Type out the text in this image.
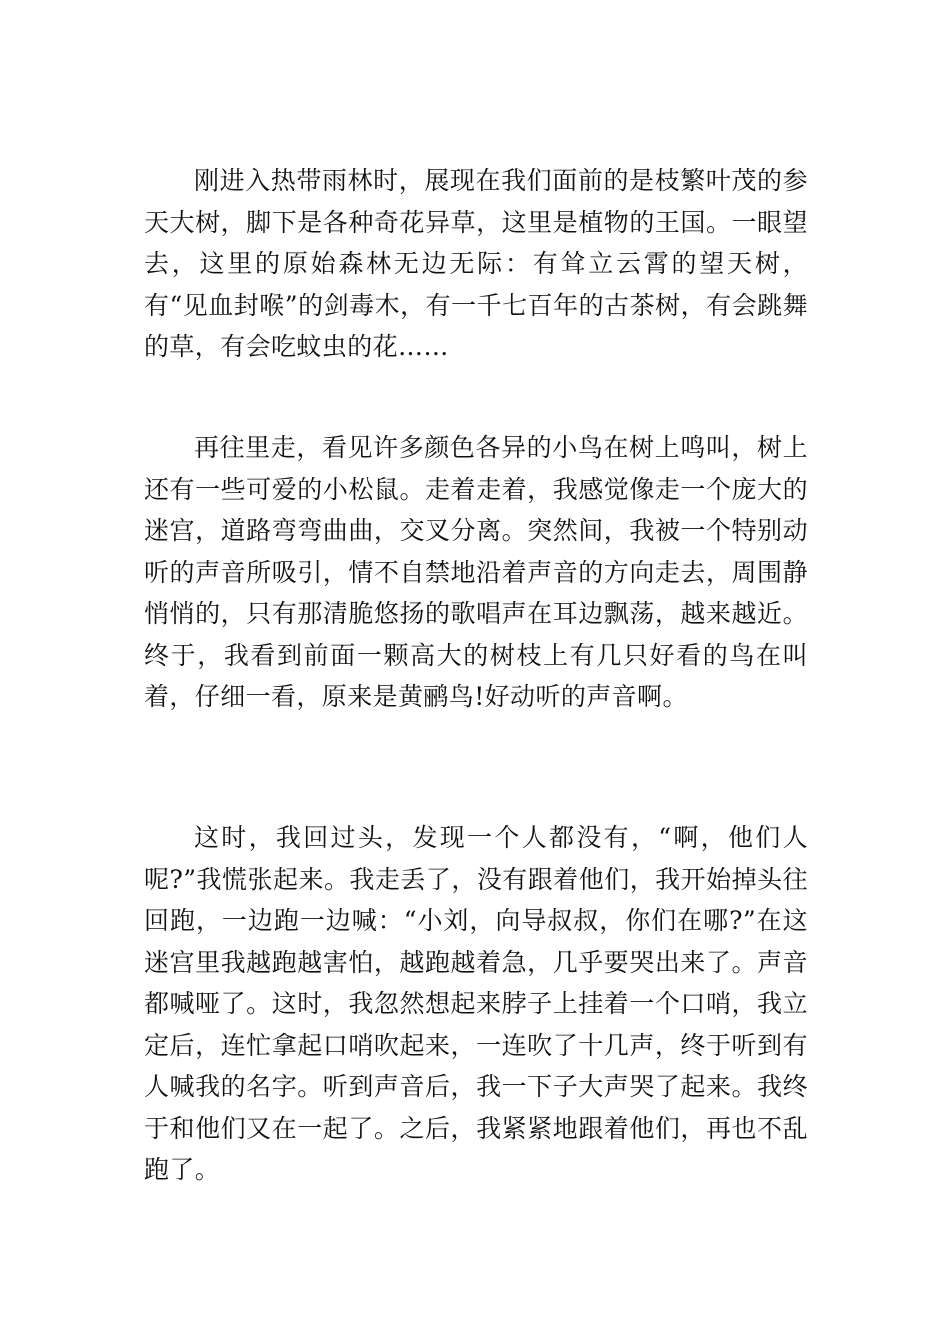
刚进入热带雨林时，展现在我们面前的是枝繁叶茂的参天大树，脚下是各种奇花异草，这里是植物的王国。一眼望去，这里的原始森林无边无际：有耸立云霄的望天树，有“见血封喉”的剑毒木，有一千七百年的古茶树，有会跳舞的草，有会吃蚊虫的花……

再往里走，看见许多颜色各异的小鸟在树上鸣叫，树上还有一些可爱的小松鼠。走着走着，我感觉像走一个庞大的迷宫，道路弯弯曲曲，交叉分离。突然间，我被一个特别动听的声音所吸引，情不自禁地沿着声音的方向走去，周围静悄悄的，只有那清脆悠扬的歌唱声在耳边飘荡，越来越近。终于，我看到前面一颗高大的树枝上有几只好看的鸟在叫着，仔细一看，原来是黄鹂鸟!好动听的声音啊。

这时，我回过头，发现一个人都没有，“啊，他们人呢?”我慌张起来。我走丢了，没有跟着他们，我开始掉头往回跑，一边跑一边喊：“小刘，向导叔叔，你们在哪?”在这迷宫里我越跑越害怕，越跑越着急，几乎要哭出来了。声音都喊哑了。这时，我忽然想起来脖子上挂着一个口哨，我立定后，连忙拿起口哨吹起来，一连吹了十几声，终于听到有人喊我的名字。听到声音后，我一下子大声哭了起来。我终于和他们又在一起了。之后，我紧紧地跟着他们，再也不乱跑了。
